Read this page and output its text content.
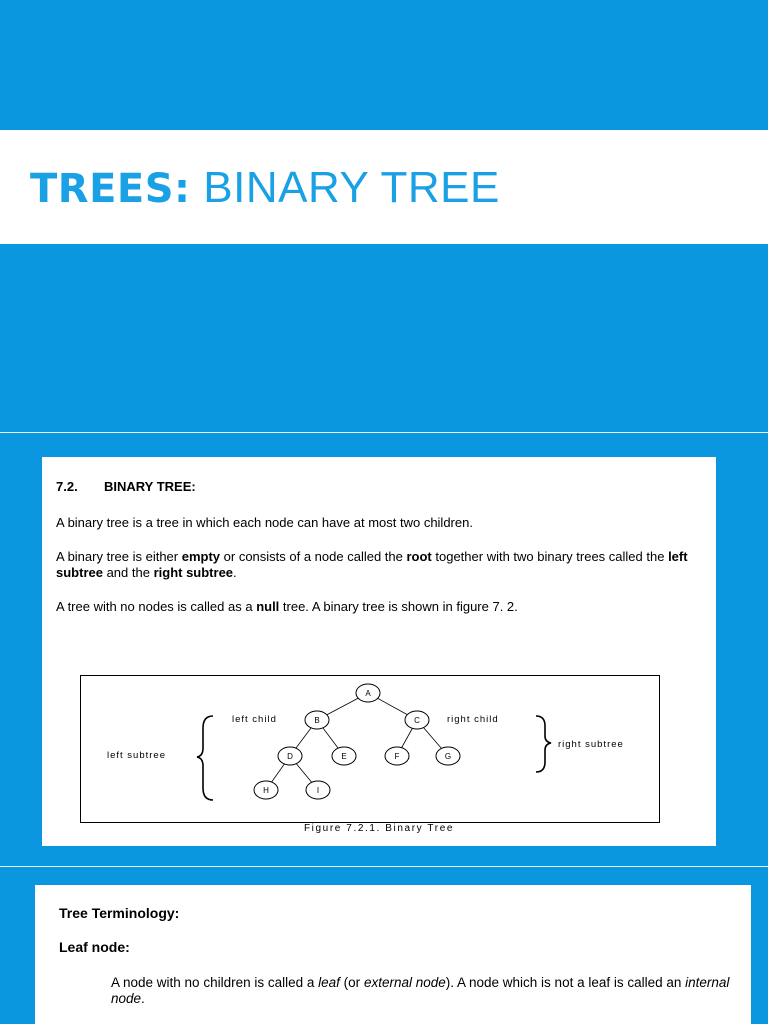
TREES: BINARY TREE
7.2. BINARY TREE:
A binary tree is a tree in which each node can have at most two children.
A binary tree is either empty or consists of a node called the root together with two binary trees called the left subtree and the right subtree.
A tree with no nodes is called as a null tree. A binary tree is shown in figure 7. 2.
A
B	C
D	E	F	G
H	I
left child	right child
left subtree
right subtree
Figure 7.2.1. Binary Tree
Tree Terminology:
Leaf node:
A node with no children is called a leaf (or external node). A node which is not a leaf is called an internal node.
